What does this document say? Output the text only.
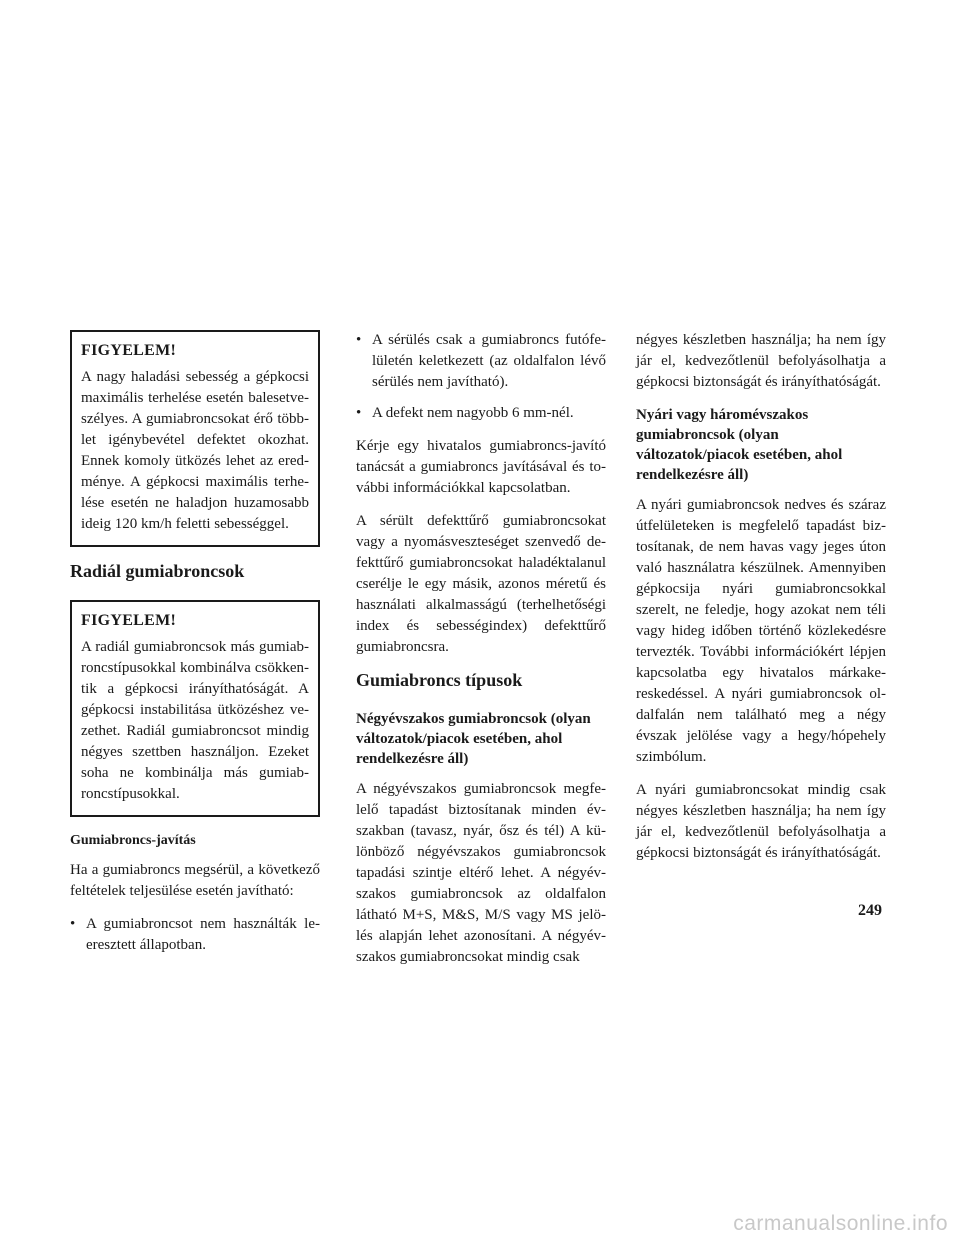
FIGYELEM!

A nagy haladási sebesség a gépkocsi maximális terhelése esetén balesetveszélyes. A gumiabroncsokat érő többlet igénybevétel defektet okozhat. Ennek komoly ütközés lehet az eredménye. A gépkocsi maximális terhelése esetén ne haladjon huzamosabb ideig 120 km/h feletti sebességgel.

Radiál gumiabroncsok
FIGYELEM!

A radiál gumiabroncsok más gumiabroncstípusokkal kombinálva csökkentik a gépkocsi irányíthatóságát. A gépkocsi instabilitása ütközéshez vezethet. Radiál gumiabroncsot mindig négyes szettben használjon. Ezeket soha ne kombinálja más gumiabroncstípusokkal.

Gumiabroncs-javítás

Ha a gumiabroncs megsérül, a következő feltételek teljesülése esetén javítható:

• A gumiabroncsot nem használták leeresztett állapotban.
• A sérülés csak a gumiabroncs futófelületén keletkezett (az oldalfalon lévő sérülés nem javítható).
• A defekt nem nagyobb 6 mm-nél.

Kérje egy hivatalos gumiabroncs-javító tanácsát a gumiabroncs javításával és további információkkal kapcsolatban.

A sérült defekttűrő gumiabroncsokat vagy a nyomásveszteséget szenvedő defekttűrő gumiabroncsokat haladéktalanul cserélje le egy másik, azonos méretű és használati alkalmasságú (terhelhetőségi index és sebességindex) defekttűrő gumiabroncsra.

Gumiabroncs típusok
Négyévszakos gumiabroncsok (olyan változatok/piacok esetében, ahol rendelkezésre áll)

A négyévszakos gumiabroncsok megfelelő tapadást biztosítanak minden évszakban (tavasz, nyár, ősz és tél) A különböző négyévszakos gumiabroncsok tapadási szintje eltérő lehet. A négyévszakos gumiabroncsok az oldalfalon látható M+S, M&S, M/S vagy MS jelölés alapján lehet azonosítani. A négyévszakos gumiabroncsokat mindig csak

négyes készletben használja; ha nem így jár el, kedvezőtlenül befolyásolhatja a gépkocsi biztonságát és irányíthatóságát.

Nyári vagy háromévszakos gumiabroncsok (olyan változatok/piacok esetében, ahol rendelkezésre áll)

A nyári gumiabroncsok nedves és száraz útfelületeken is megfelelő tapadást biztosítanak, de nem havas vagy jeges úton való használatra készülnek. Amennyiben gépkocsija nyári gumiabroncsokkal szerelt, ne feledje, hogy azokat nem téli vagy hideg időben történő közlekedésre tervezték. További információkért lépjen kapcsolatba egy hivatalos márkakereskedéssel. A nyári gumiabroncsok oldalfalán nem található meg a négy évszak jelölése vagy a hegy/hópehely szimbólum.

A nyári gumiabroncsokat mindig csak négyes készletben használja; ha nem így jár el, kedvezőtlenül befolyásolhatja a gépkocsi biztonságát és irányíthatóságát.

249
carmanualsonline.info
